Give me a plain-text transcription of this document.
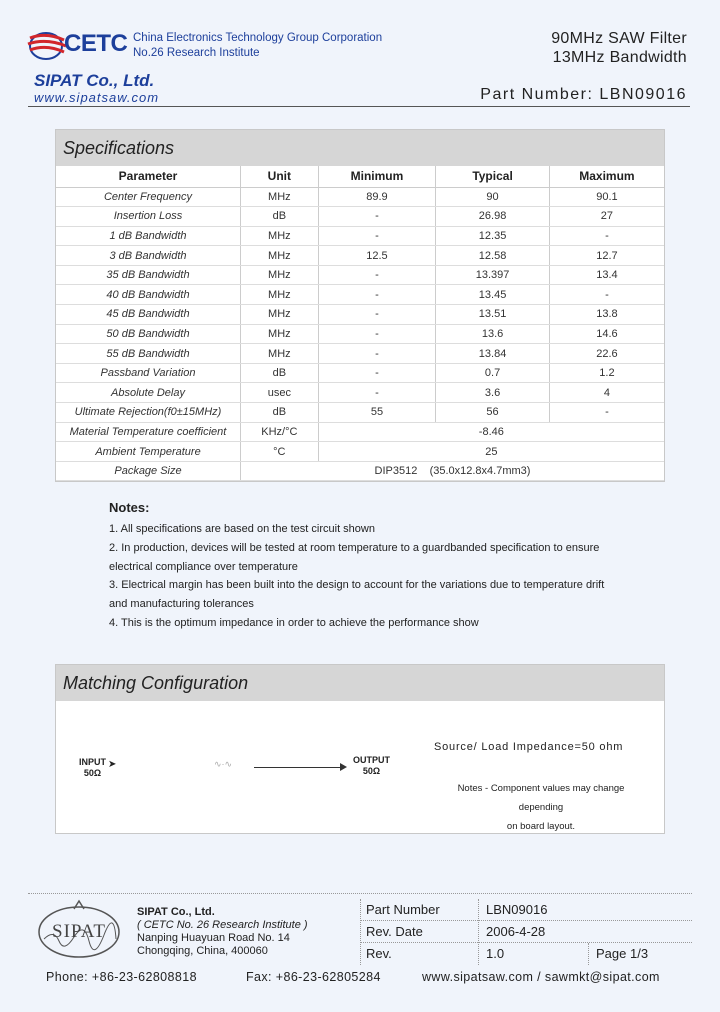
CETC China Electronics Technology Group Corporation
No.26 Research Institute
SIPAT Co., Ltd.
www.sipatsaw.com
90MHz SAW Filter
13MHz Bandwidth
Part Number: LBN09016
Specifications
Parameter	Unit	Minimum	Typical	Maximum
Center Frequency	MHz	89.9	90	90.1
Insertion Loss	dB	-	26.98	27
1 dB Bandwidth	MHz	-	12.35	-
3 dB Bandwidth	MHz	12.5	12.58	12.7
35 dB Bandwidth	MHz	-	13.397	13.4
40 dB Bandwidth	MHz	-	13.45	-
45 dB Bandwidth	MHz	-	13.51	13.8
50 dB Bandwidth	MHz	-	13.6	14.6
55 dB Bandwidth	MHz	-	13.84	22.6
Passband Variation	dB	-	0.7	1.2
Absolute Delay	usec	-	3.6	4
Ultimate Rejection(f0±15MHz)	dB	55	56	-
Material Temperature coefficient	KHz/°C	-8.46		
Ambient Temperature	°C	25		
Package Size	DIP3512    (35.0x12.8x4.7mm3)			
Notes:
1. All specifications are based on the test circuit shown
2. In production, devices will be tested at room temperature to a guardbanded specification to ensure
electrical compliance over temperature
3. Electrical margin has been built into the design to account for the variations due to temperature drift
and manufacturing tolerances
4. This is the optimum impedance in order to achieve the performance show
Matching Configuration
INPUT
50Ω
➤	∿·∿	OUTPUT
50Ω
Source/ Load Impedance=50 ohm
Notes - Component values may change depending
on board layout.
SIPAT
SIPAT Co., Ltd.
( CETC No. 26 Research Institute )
Nanping Huayuan Road No. 14
Chongqing, China, 400060
Part Number	LBN09016
Rev. Date	2006-4-28
Rev.	1.0	Page 1/3
Phone: +86-23-62808818	Fax: +86-23-62805284	www.sipatsaw.com / sawmkt@sipat.com
